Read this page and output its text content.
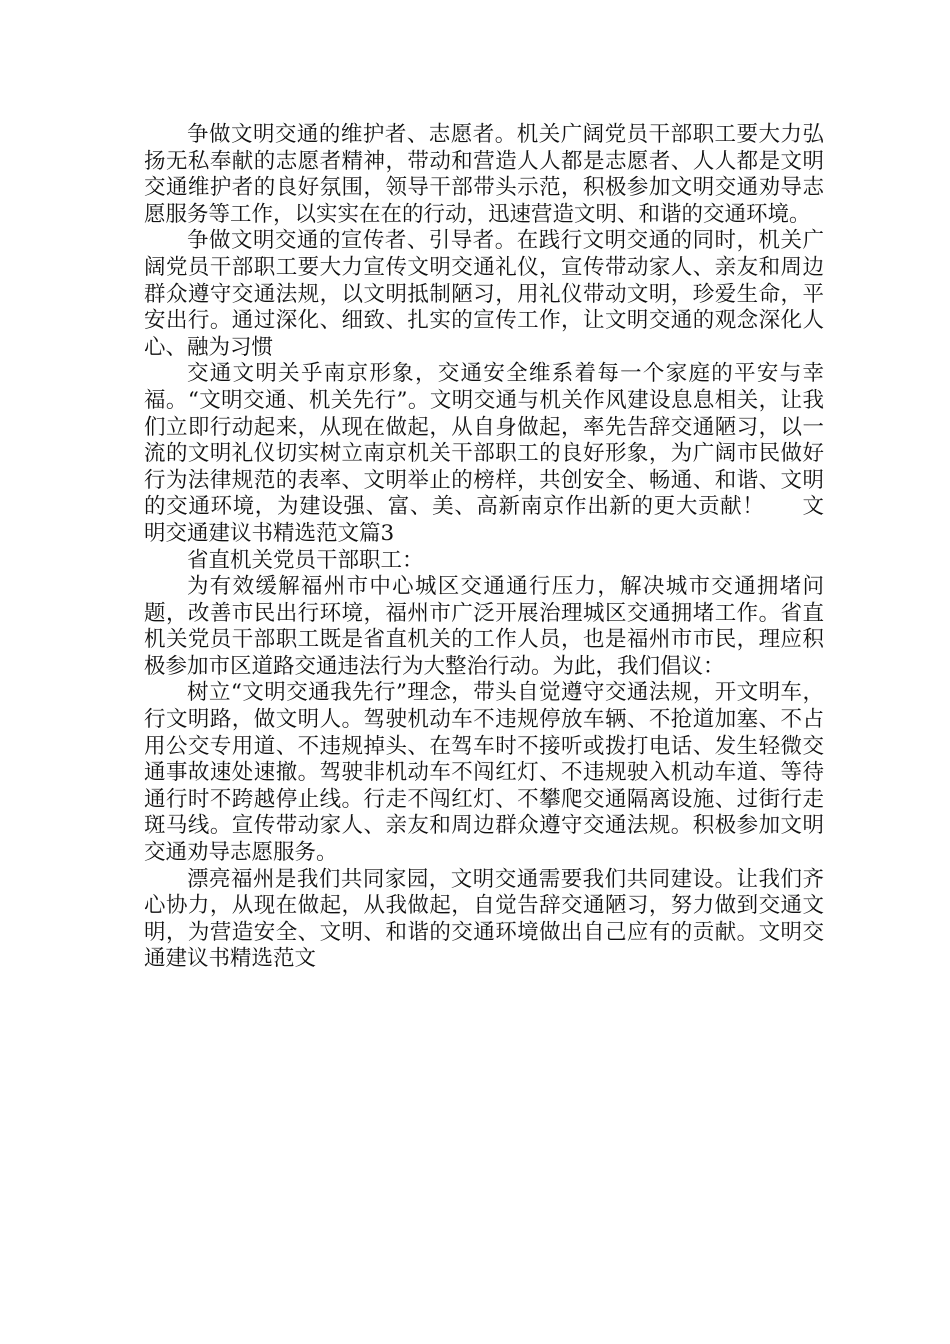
争做文明交通的维护者、志愿者。机关广阔党员干部职工要大力弘扬无私奉献的志愿者精神，带动和营造人人都是志愿者、人人都是文明交通维护者的良好氛围，领导干部带头示范，积极参加文明交通劝导志愿服务等工作，以实实在在的行动，迅速营造文明、和谐的交通环境。

争做文明交通的宣传者、引导者。在践行文明交通的同时，机关广阔党员干部职工要大力宣传文明交通礼仪，宣传带动家人、亲友和周边群众遵守交通法规，以文明抵制陋习，用礼仪带动文明，珍爱生命，平安出行。通过深化、细致、扎实的宣传工作，让文明交通的观念深化人心、融为习惯

交通文明关乎南京形象，交通安全维系着每一个家庭的平安与幸福。“文明交通、机关先行”。文明交通与机关作风建设息息相关，让我们立即行动起来，从现在做起，从自身做起，率先告辞交通陋习，以一流的文明礼仪切实树立南京机关干部职工的良好形象，为广阔市民做好行为法律规范的表率、文明举止的榜样，共创安全、畅通、和谐、文明的交通环境，为建设强、富、美、高新南京作出新的更大贡献！ 文明交通建议书精选范文篇3

省直机关党员干部职工：

为有效缓解福州市中心城区交通通行压力，解决城市交通拥堵问题，改善市民出行环境，福州市广泛开展治理城区交通拥堵工作。省直机关党员干部职工既是省直机关的工作人员，也是福州市市民，理应积极参加市区道路交通违法行为大整治行动。为此，我们倡议：

树立“文明交通我先行”理念，带头自觉遵守交通法规，开文明车，行文明路，做文明人。驾驶机动车不违规停放车辆、不抢道加塞、不占用公交专用道、不违规掉头、在驾车时不接听或拨打电话、发生轻微交通事故速处速撤。驾驶非机动车不闯红灯、不违规驶入机动车道、等待通行时不跨越停止线。行走不闯红灯、不攀爬交通隔离设施、过街行走斑马线。宣传带动家人、亲友和周边群众遵守交通法规。积极参加文明交通劝导志愿服务。

漂亮福州是我们共同家园，文明交通需要我们共同建设。让我们齐心协力，从现在做起，从我做起，自觉告辞交通陋习，努力做到交通文明，为营造安全、文明、和谐的交通环境做出自己应有的贡献。文明交通建议书精选范文
